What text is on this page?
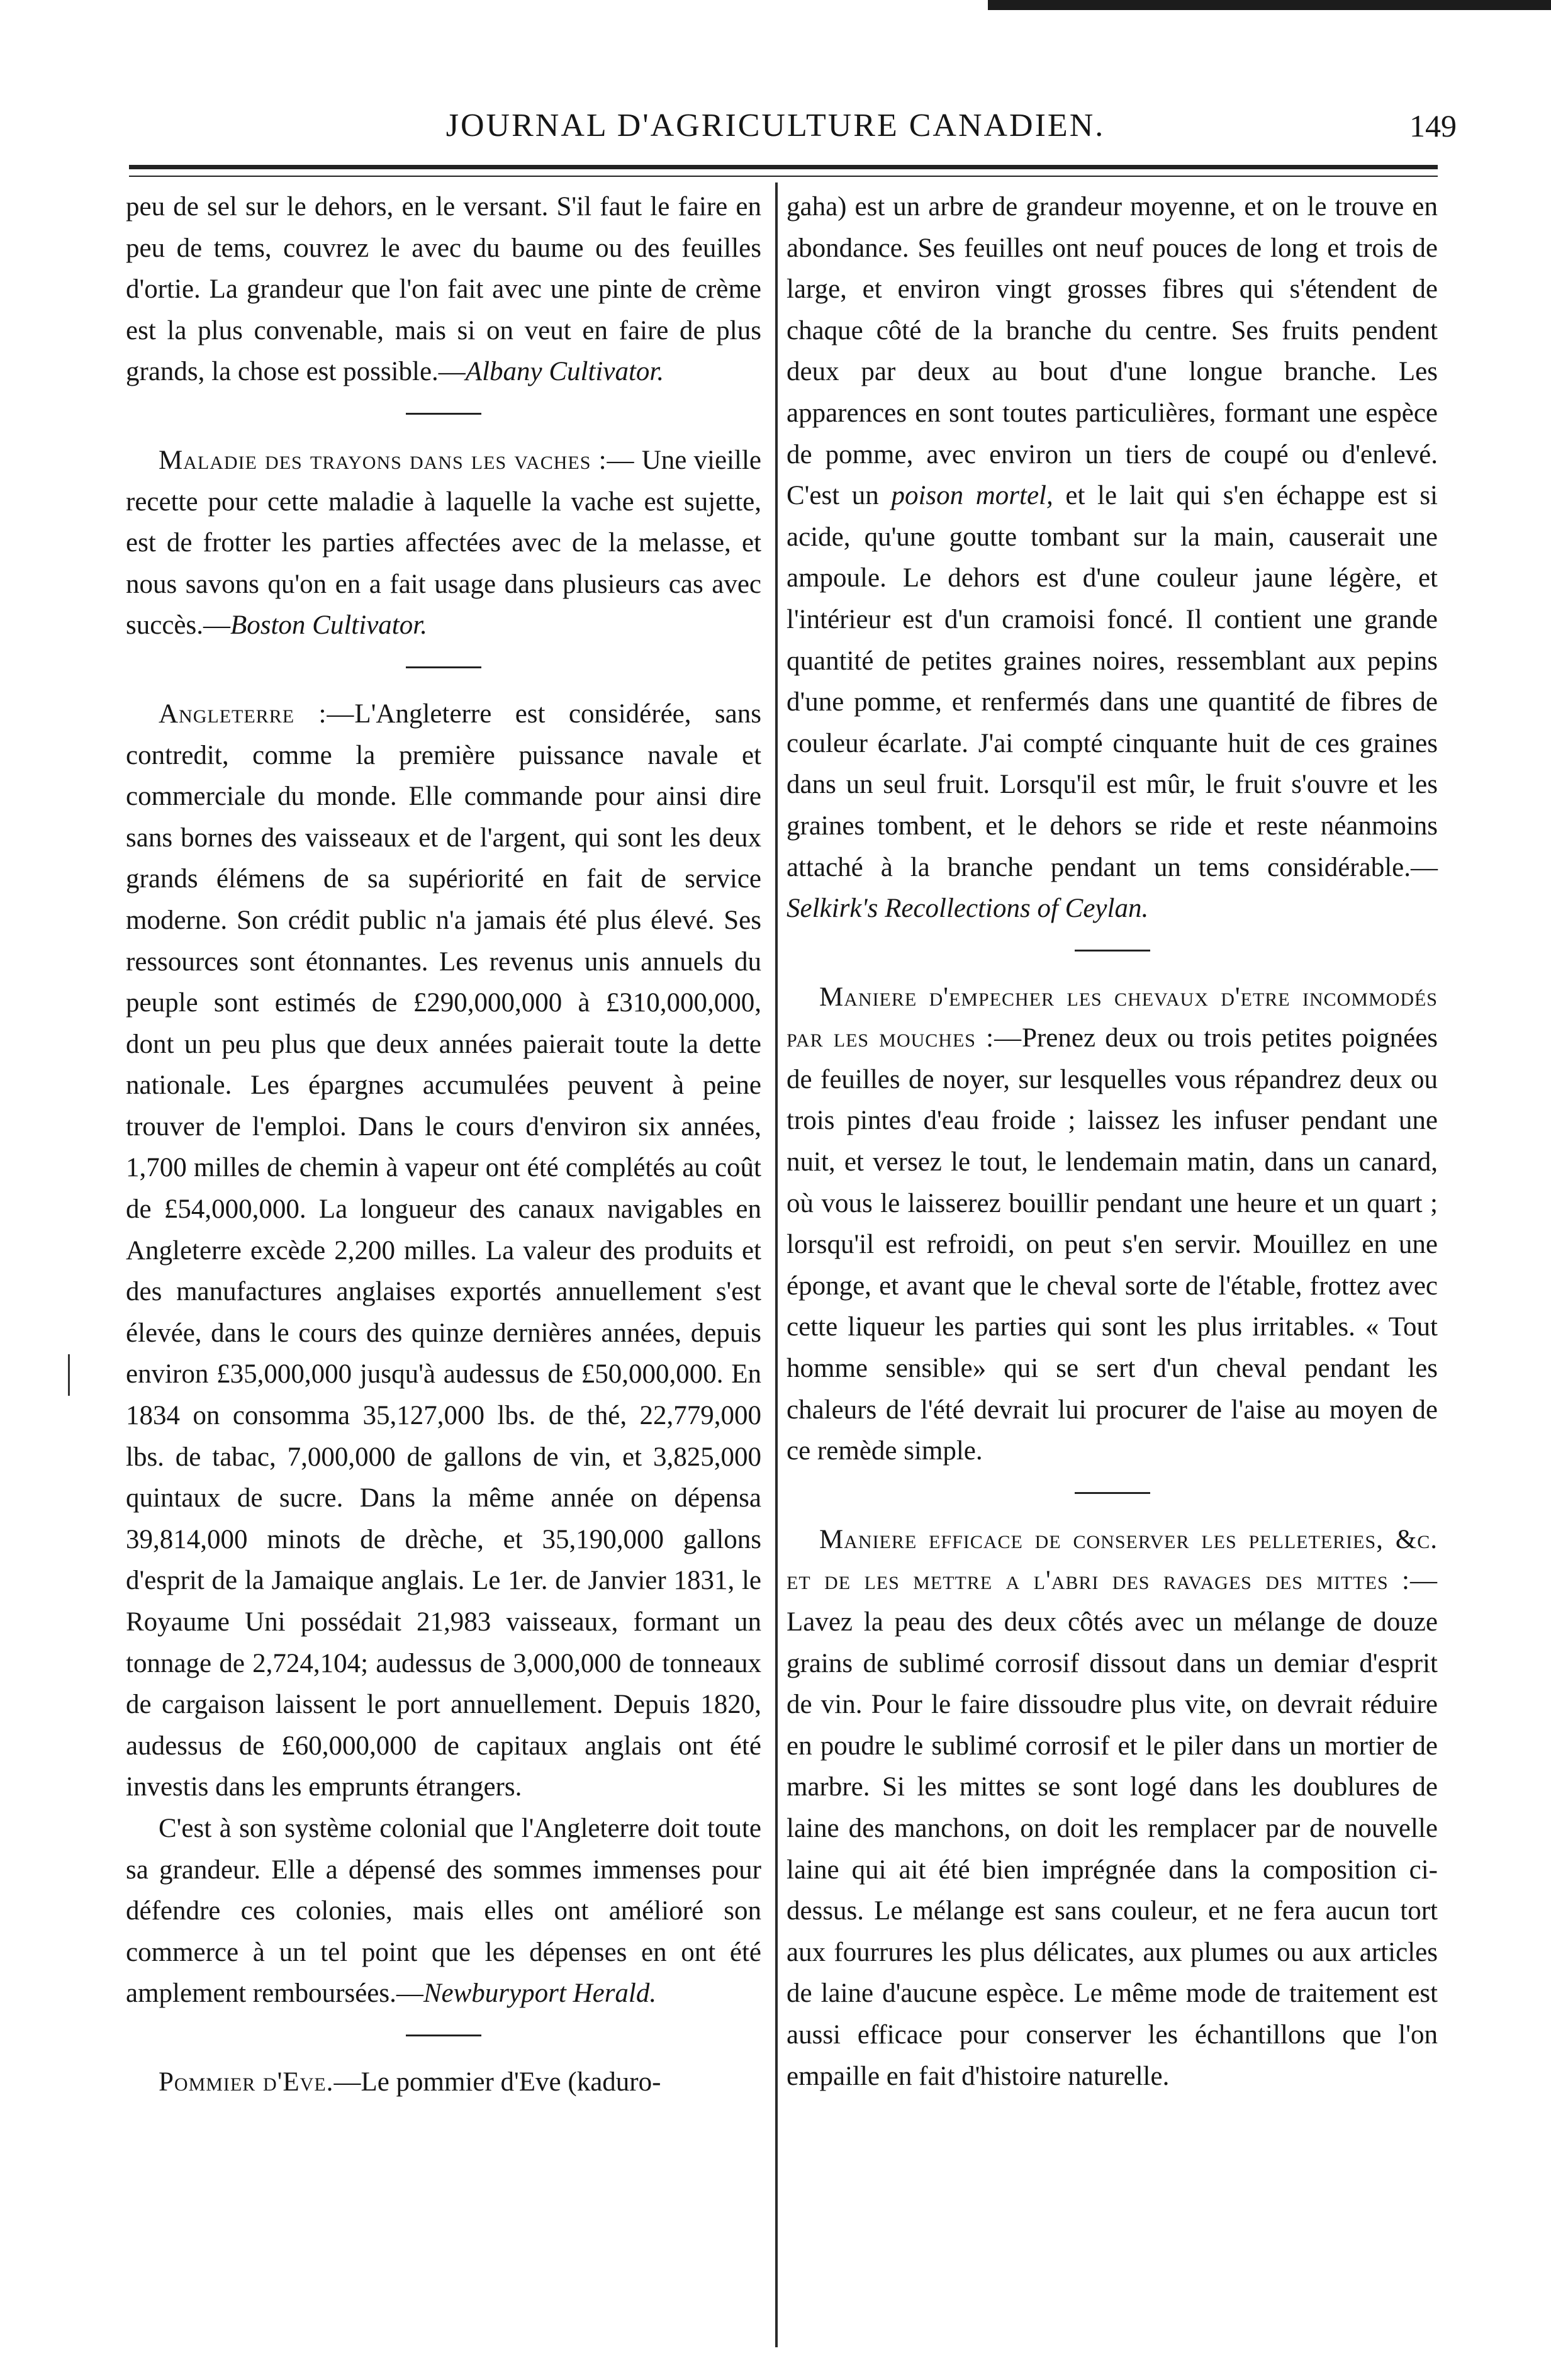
JOURNAL D'AGRICULTURE CANADIEN.	149

peu de sel sur le dehors, en le versant. S'il faut le faire en peu de tems, couvrez le avec du baume ou des feuilles d'ortie. La grandeur que l'on fait avec une pinte de crème est la plus convenable, mais si on veut en faire de plus grands, la chose est possible.—Albany Cultivator.

Maladie des trayons dans les vaches :— Une vieille recette pour cette maladie à laquelle la vache est sujette, est de frotter les parties affectées avec de la melasse, et nous savons qu'on en a fait usage dans plusieurs cas avec succès.—Boston Cultivator.

Angleterre :—L'Angleterre est considérée, sans contredit, comme la première puissance navale et commerciale du monde. Elle commande pour ainsi dire sans bornes des vaisseaux et de l'argent, qui sont les deux grands élémens de sa supériorité en fait de service moderne. Son crédit public n'a jamais été plus élevé. Ses ressources sont étonnantes. Les revenus unis annuels du peuple sont estimés de £290,000,000 à £310,000,000, dont un peu plus que deux années paierait toute la dette nationale. Les épargnes accumulées peuvent à peine trouver de l'emploi. Dans le cours d'environ six années, 1,700 milles de chemin à vapeur ont été complétés au coût de £54,000,000. La longueur des canaux navigables en Angleterre excède 2,200 milles. La valeur des produits et des manufactures anglaises exportés annuellement s'est élevée, dans le cours des quinze dernières années, depuis environ £35,000,000 jusqu'à audessus de £50,000,000. En 1834 on consomma 35,127,000 lbs. de thé, 22,779,000 lbs. de tabac, 7,000,000 de gallons de vin, et 3,825,000 quintaux de sucre. Dans la même année on dépensa 39,814,000 minots de drèche, et 35,190,000 gallons d'esprit de la Jamaique anglais. Le 1er. de Janvier 1831, le Royaume Uni possédait 21,983 vaisseaux, formant un tonnage de 2,724,104; audessus de 3,000,000 de tonneaux de cargaison laissent le port annuellement. Depuis 1820, audessus de £60,000,000 de capitaux anglais ont été investis dans les emprunts étrangers.

C'est à son système colonial que l'Angleterre doit toute sa grandeur. Elle a dépensé des sommes immenses pour défendre ces colonies, mais elles ont amélioré son commerce à un tel point que les dépenses en ont été amplement remboursées.—Newburyport Herald.

Pommier d'Eve.—Le pommier d'Eve (kaduro-

gaha) est un arbre de grandeur moyenne, et on le trouve en abondance. Ses feuilles ont neuf pouces de long et trois de large, et environ vingt grosses fibres qui s'étendent de chaque côté de la branche du centre. Ses fruits pendent deux par deux au bout d'une longue branche. Les apparences en sont toutes particulières, formant une espèce de pomme, avec environ un tiers de coupé ou d'enlevé. C'est un poison mortel, et le lait qui s'en échappe est si acide, qu'une goutte tombant sur la main, causerait une ampoule. Le dehors est d'une couleur jaune légère, et l'intérieur est d'un cramoisi foncé. Il contient une grande quantité de petites graines noires, ressemblant aux pepins d'une pomme, et renfermés dans une quantité de fibres de couleur écarlate. J'ai compté cinquante huit de ces graines dans un seul fruit. Lorsqu'il est mûr, le fruit s'ouvre et les graines tombent, et le dehors se ride et reste néanmoins attaché à la branche pendant un tems considérable.—Selkirk's Recollections of Ceylan.

Maniere d'empecher les chevaux d'etre incommodés par les mouches :—Prenez deux ou trois petites poignées de feuilles de noyer, sur lesquelles vous répandrez deux ou trois pintes d'eau froide ; laissez les infuser pendant une nuit, et versez le tout, le lendemain matin, dans un canard, où vous le laisserez bouillir pendant une heure et un quart ; lorsqu'il est refroidi, on peut s'en servir. Mouillez en une éponge, et avant que le cheval sorte de l'étable, frottez avec cette liqueur les parties qui sont les plus irritables. « Tout homme sensible» qui se sert d'un cheval pendant les chaleurs de l'été devrait lui procurer de l'aise au moyen de ce remède simple.

Maniere efficace de conserver les pelleteries, &c. et de les mettre a l'abri des ravages des mittes :—Lavez la peau des deux côtés avec un mélange de douze grains de sublimé corrosif dissout dans un demiar d'esprit de vin. Pour le faire dissoudre plus vite, on devrait réduire en poudre le sublimé corrosif et le piler dans un mortier de marbre. Si les mittes se sont logé dans les doublures de laine des manchons, on doit les remplacer par de nouvelle laine qui ait été bien imprégnée dans la composition ci-dessus. Le mélange est sans couleur, et ne fera aucun tort aux fourrures les plus délicates, aux plumes ou aux articles de laine d'aucune espèce. Le même mode de traitement est aussi efficace pour conserver les échantillons que l'on empaille en fait d'histoire naturelle.
